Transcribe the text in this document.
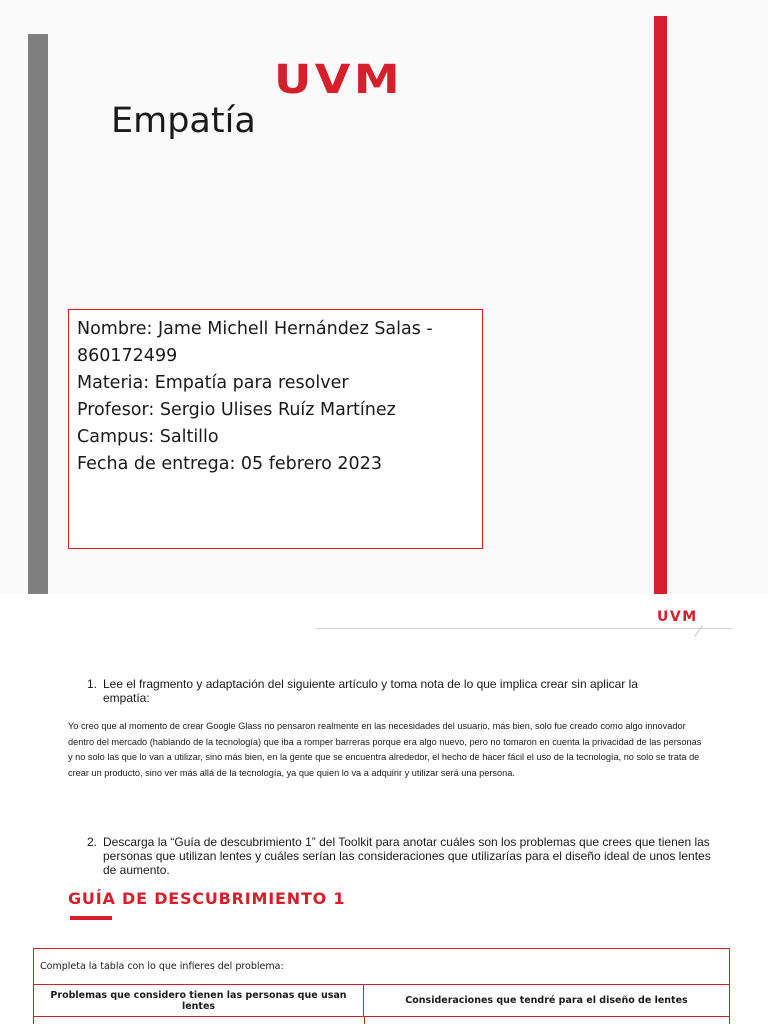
UVM
Empatía
Nombre: Jame Michell Hernández Salas -
860172499
Materia: Empatía para resolver
Profesor: Sergio Ulises Ruíz Martínez
Campus: Saltillo
Fecha de entrega: 05 febrero 2023
UVM
1. Lee el fragmento y adaptación del siguiente artículo y toma nota de lo que implica crear sin aplicar la empatía:
Yo creo que al momento de crear Google Glass no pensaron realmente en las necesidades del usuario, más bien, solo fue creado como algo innovador dentro del mercado (hablando de la tecnología) que iba a romper barreras porque era algo nuevo, pero no tomaron en cuenta la privacidad de las personas y no solo las que lo van a utilizar, sino más bien, en la gente que se encuentra alrededor, el hecho de hacer fácil el uso de la tecnología, no solo se trata de crear un producto, sino ver más allá de la tecnología, ya que quien lo va a adquirir y utilizar será una persona.
2. Descarga la “Guía de descubrimiento 1” del Toolkit para anotar cuáles son los problemas que crees que tienen las personas que utilizan lentes y cuáles serían las consideraciones que utilizarías para el diseño ideal de unos lentes de aumento.
GUÍA DE DESCUBRIMIENTO 1
Completa la tabla con lo que infieres del problema:
Problemas que considero tienen las personas que usan lentes	Consideraciones que tendré para el diseño de lentes
